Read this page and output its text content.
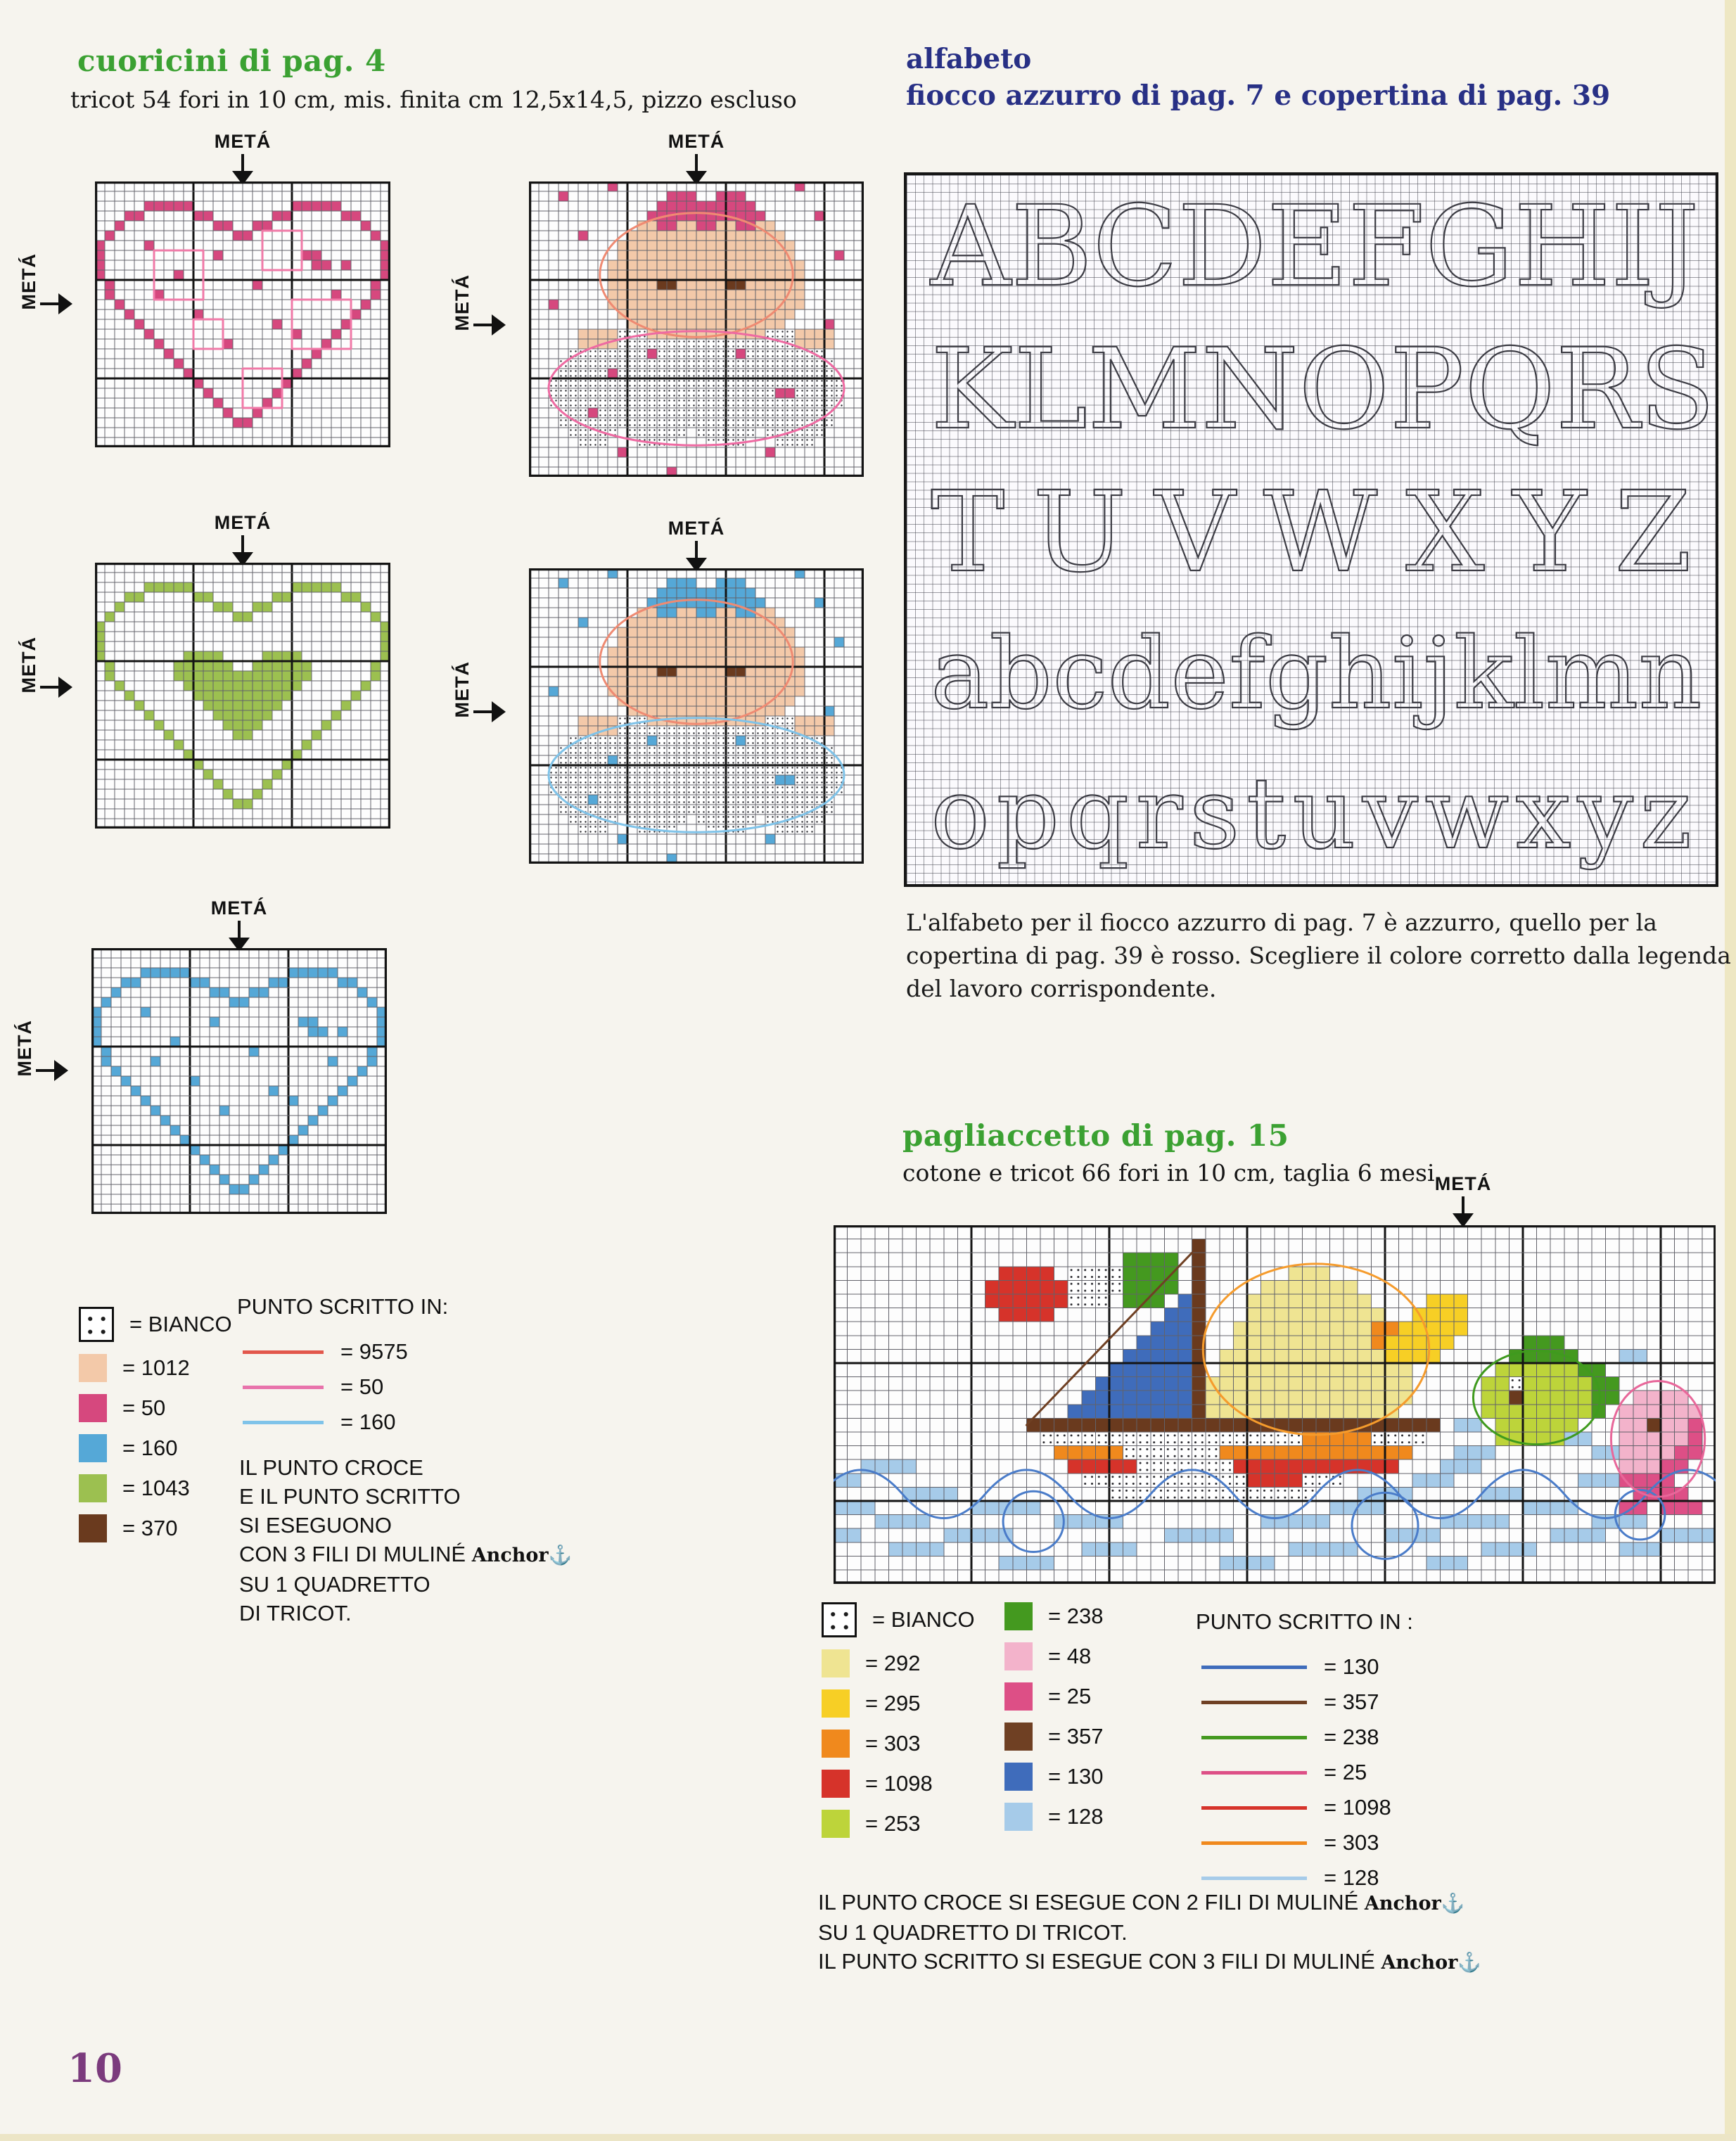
cuoricini di pag. 4
tricot 54 fori in 10 cm, mis. finita cm 12,5x14,5, pizzo escluso
alfabeto
fiocco azzurro di pag. 7 e copertina di pag. 39
A B C D E F G H I J
K L M N O P Q R S
T U V W X Y Z
a b c d e f g h i j k l m n
o p q r s t u v w x y z
L'alfabeto per il fiocco azzurro di pag. 7 è azzurro, quello per la copertina di pag. 39 è rosso. Scegliere il colore corretto dalla legenda del lavoro corrispondente.
pagliaccetto di pag. 15
cotone e tricot 66 fori in 10 cm, taglia 6 mesi
METÁ
METÁ
METÁ
METÁ
METÁ
METÁ
METÁ
METÁ
METÁ
METÁ
METÁ
= BIANCO
= 1012
= 50
= 160
= 1043
= 370
PUNTO SCRITTO IN:
= 9575
= 50
= 160
IL PUNTO CROCE
E IL PUNTO SCRITTO
SI ESEGUONO
CON 3 FILI DI MULINÉ Anchor⚓
SU 1 QUADRETTO
DI TRICOT.	= BIANCO
= 292
= 295
= 303
= 1098
= 253
= 238
= 48
= 25
= 357
= 130
= 128
PUNTO SCRITTO IN :
= 130
= 357
= 238
= 25
= 1098
= 303
= 128
IL PUNTO CROCE SI ESEGUE CON 2 FILI DI MULINÉ Anchor⚓
SU 1 QUADRETTO DI TRICOT.
IL PUNTO SCRITTO SI ESEGUE CON 3 FILI DI MULINÉ Anchor⚓
10
